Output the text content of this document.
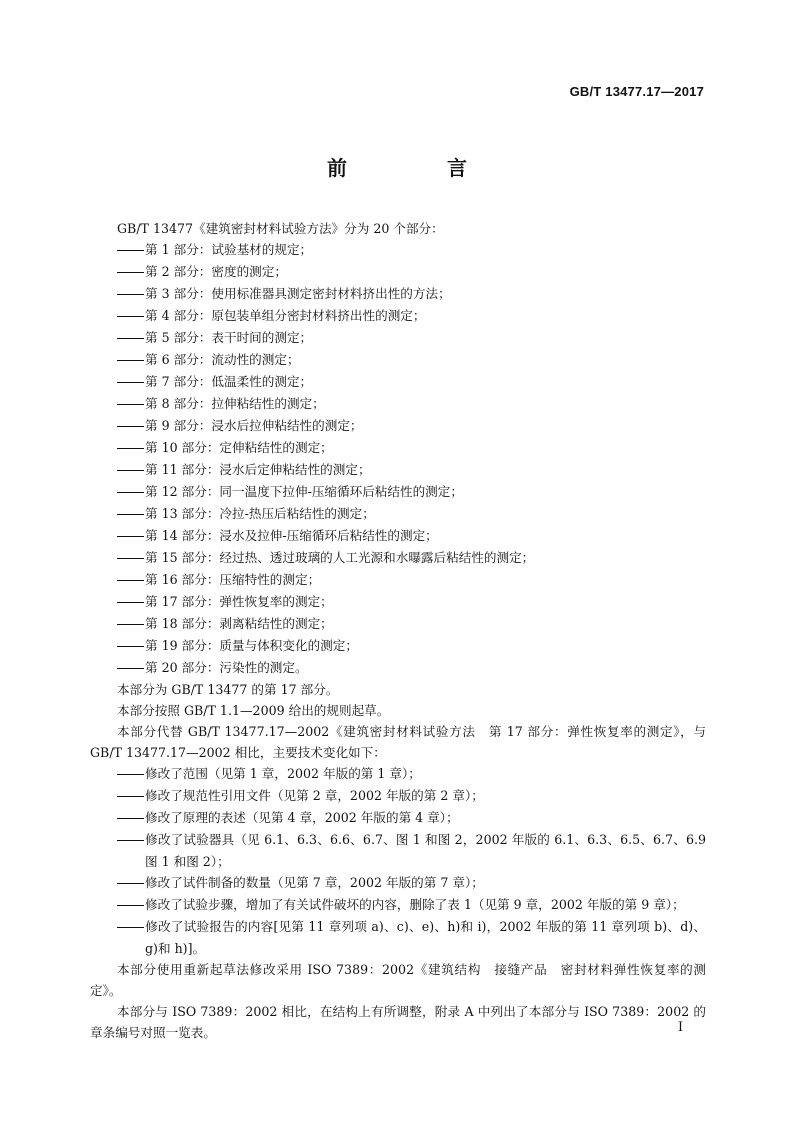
GB/T 13477.17—2017
前　言

GB/T 13477《建筑密封材料试验方法》分为 20 个部分：

第 1 部分：试验基材的规定；

第 2 部分：密度的测定；

第 3 部分：使用标准器具测定密封材料挤出性的方法；

第 4 部分：原包装单组分密封材料挤出性的测定；

第 5 部分：表干时间的测定；

第 6 部分：流动性的测定；

第 7 部分：低温柔性的测定；

第 8 部分：拉伸粘结性的测定；

第 9 部分：浸水后拉伸粘结性的测定；

第 10 部分：定伸粘结性的测定；

第 11 部分：浸水后定伸粘结性的测定；

第 12 部分：同一温度下拉伸-压缩循环后粘结性的测定；

第 13 部分：冷拉-热压后粘结性的测定；

第 14 部分：浸水及拉伸-压缩循环后粘结性的测定；

第 15 部分：经过热、透过玻璃的人工光源和水曝露后粘结性的测定；

第 16 部分：压缩特性的测定；

第 17 部分：弹性恢复率的测定；

第 18 部分：剥离粘结性的测定；

第 19 部分：质量与体积变化的测定；

第 20 部分：污染性的测定。

本部分为 GB/T 13477 的第 17 部分。

本部分按照 GB/T 1.1—2009 给出的规则起草。

本部分代替 GB/T 13477.17—2002《建筑密封材料试验方法　第 17 部分：弹性恢复率的测定》，与 GB/T 13477.17—2002 相比，主要技术变化如下：

修改了范围（见第 1 章，2002 年版的第 1 章）；

修改了规范性引用文件（见第 2 章，2002 年版的第 2 章）；

修改了原理的表述（见第 4 章，2002 年版的第 4 章）；

修改了试验器具（见 6.1、6.3、6.6、6.7、图 1 和图 2，2002 年版的 6.1、6.3、6.5、6.7、6.9 图 1 和图 2）；

修改了试件制备的数量（见第 7 章，2002 年版的第 7 章）；

修改了试验步骤，增加了有关试件破坏的内容，删除了表 1（见第 9 章，2002 年版的第 9 章）；

修改了试验报告的内容[见第 11 章列项 a)、c)、e)、h)和 i)，2002 年版的第 11 章列项 b)、d)、g)和 h)]。

本部分使用重新起草法修改采用 ISO 7389：2002《建筑结构　接缝产品　密封材料弹性恢复率的测定》。

本部分与 ISO 7389：2002 相比，在结构上有所调整，附录 A 中列出了本部分与 ISO 7389：2002 的章条编号对照一览表。	I
